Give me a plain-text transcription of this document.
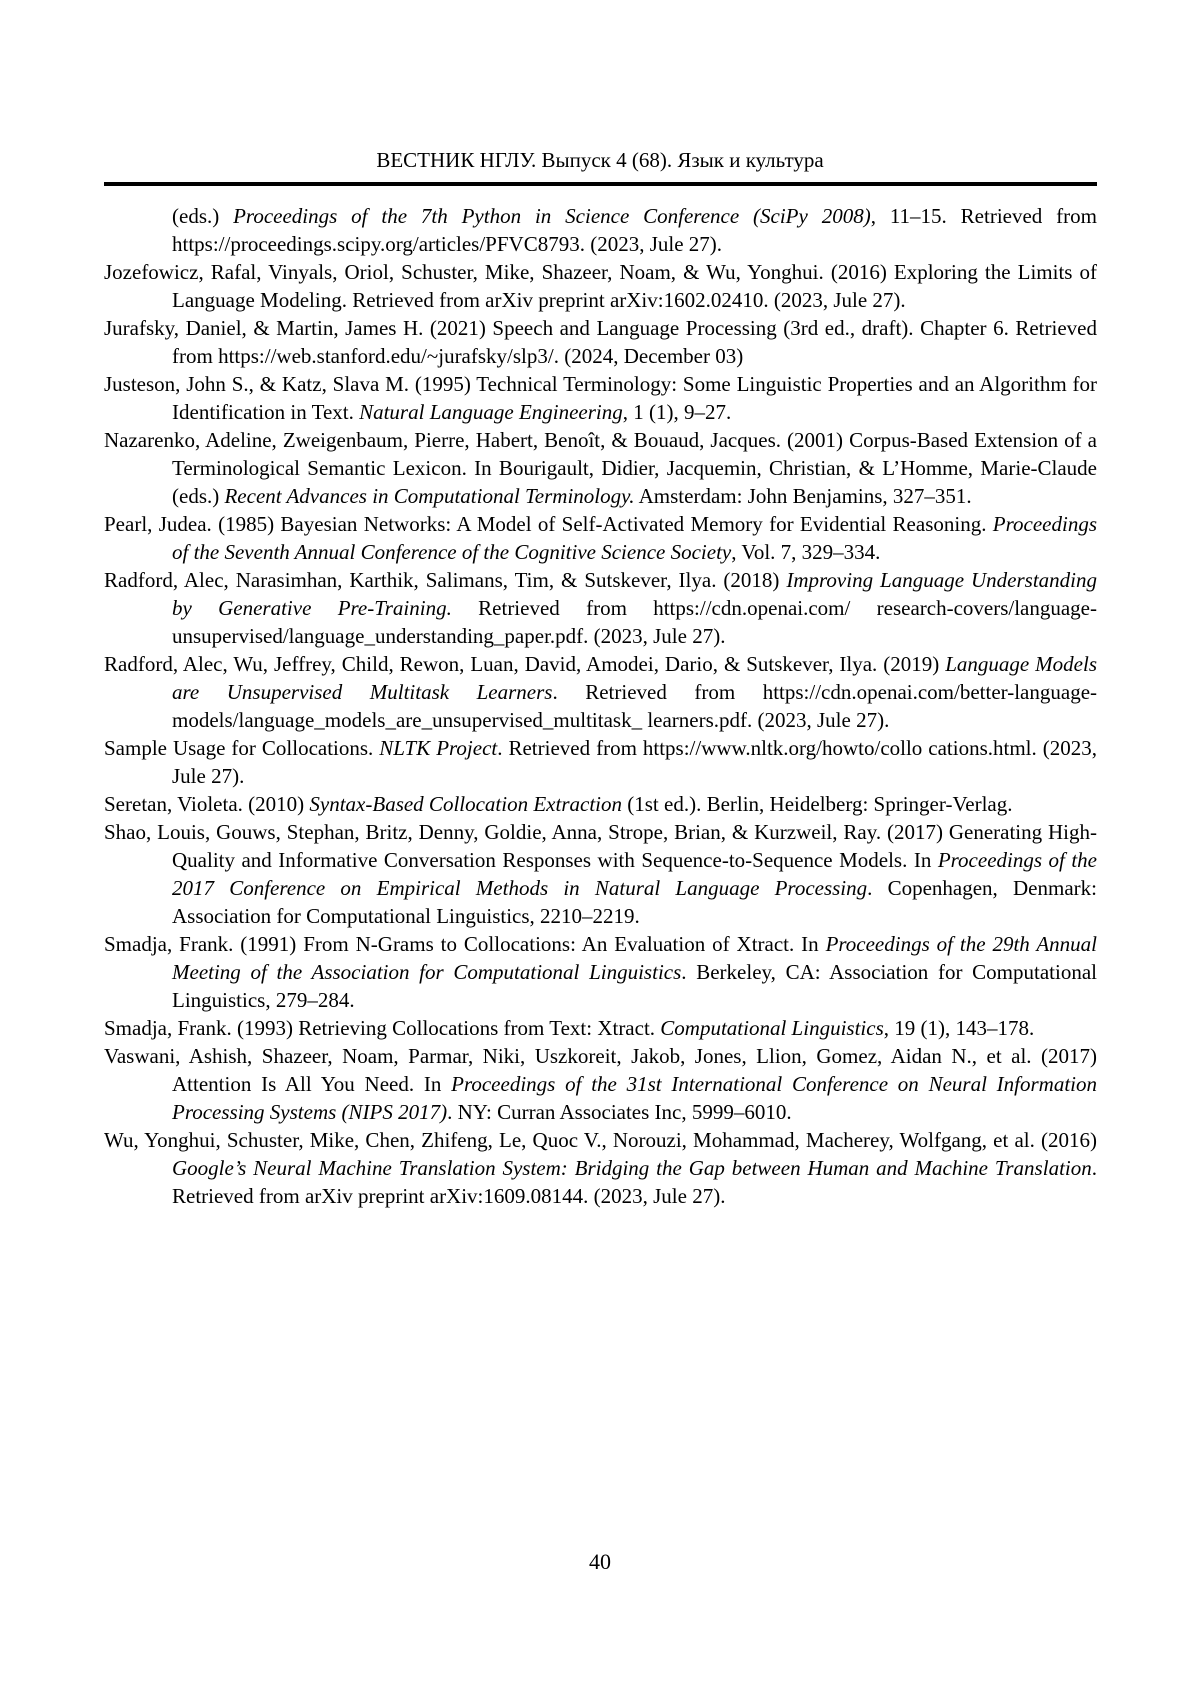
ВЕСТНИК НГЛУ. Выпуск 4 (68). Язык и культура

(eds.) Proceedings of the 7th Python in Science Conference (SciPy 2008), 11–15. Retrieved from https://proceedings.scipy.org/articles/PFVC8793. (2023, Jule 27).

Jozefowicz, Rafal, Vinyals, Oriol, Schuster, Mike, Shazeer, Noam, & Wu, Yonghui. (2016) Exploring the Limits of Language Modeling. Retrieved from arXiv preprint arXiv:1602.02410. (2023, Jule 27).

Jurafsky, Daniel, & Martin, James H. (2021) Speech and Language Processing (3rd ed., draft). Chapter 6. Retrieved from https://web.stanford.edu/~jurafsky/slp3/. (2024, December 03)

Justeson, John S., & Katz, Slava M. (1995) Technical Terminology: Some Linguistic Properties and an Algorithm for Identification in Text. Natural Language Engineering, 1 (1), 9–27.

Nazarenko, Adeline, Zweigenbaum, Pierre, Habert, Benoît, & Bouaud, Jacques. (2001) Corpus-Based Extension of a Terminological Semantic Lexicon. In Bourigault, Didier, Jacquemin, Christian, & L’Homme, Marie-Claude (eds.) Recent Advances in Computational Terminology. Amsterdam: John Benjamins, 327–351.

Pearl, Judea. (1985) Bayesian Networks: A Model of Self-Activated Memory for Evidential Reasoning. Proceedings of the Seventh Annual Conference of the Cognitive Science Society, Vol. 7, 329–334.

Radford, Alec, Narasimhan, Karthik, Salimans, Tim, & Sutskever, Ilya. (2018) Improving Language Understanding by Generative Pre-Training. Retrieved from https://cdn.openai.com/ research-covers/language-unsupervised/language_understanding_paper.pdf. (2023, Jule 27).

Radford, Alec, Wu, Jeffrey, Child, Rewon, Luan, David, Amodei, Dario, & Sutskever, Ilya. (2019) Language Models are Unsupervised Multitask Learners. Retrieved from https://cdn.openai.com/better-language-models/language_models_are_unsupervised_multitask_ learners.pdf. (2023, Jule 27).

Sample Usage for Collocations. NLTK Project. Retrieved from https://www.nltk.org/howto/collo cations.html. (2023, Jule 27).

Seretan, Violeta. (2010) Syntax-Based Collocation Extraction (1st ed.). Berlin, Heidelberg: Springer-Verlag.

Shao, Louis, Gouws, Stephan, Britz, Denny, Goldie, Anna, Strope, Brian, & Kurzweil, Ray. (2017) Generating High-Quality and Informative Conversation Responses with Sequence-to-Sequence Models. In Proceedings of the 2017 Conference on Empirical Methods in Natural Language Processing. Copenhagen, Denmark: Association for Computational Linguistics, 2210–2219.

Smadja, Frank. (1991) From N-Grams to Collocations: An Evaluation of Xtract. In Proceedings of the 29th Annual Meeting of the Association for Computational Linguistics. Berkeley, CA: Association for Computational Linguistics, 279–284.

Smadja, Frank. (1993) Retrieving Collocations from Text: Xtract. Computational Linguistics, 19 (1), 143–178.

Vaswani, Ashish, Shazeer, Noam, Parmar, Niki, Uszkoreit, Jakob, Jones, Llion, Gomez, Aidan N., et al. (2017) Attention Is All You Need. In Proceedings of the 31st International Conference on Neural Information Processing Systems (NIPS 2017). NY: Curran Associates Inc, 5999–6010.

Wu, Yonghui, Schuster, Mike, Chen, Zhifeng, Le, Quoc V., Norouzi, Mohammad, Macherey, Wolfgang, et al. (2016) Google’s Neural Machine Translation System: Bridging the Gap between Human and Machine Translation. Retrieved from arXiv preprint arXiv:1609.08144. (2023, Jule 27).

40
